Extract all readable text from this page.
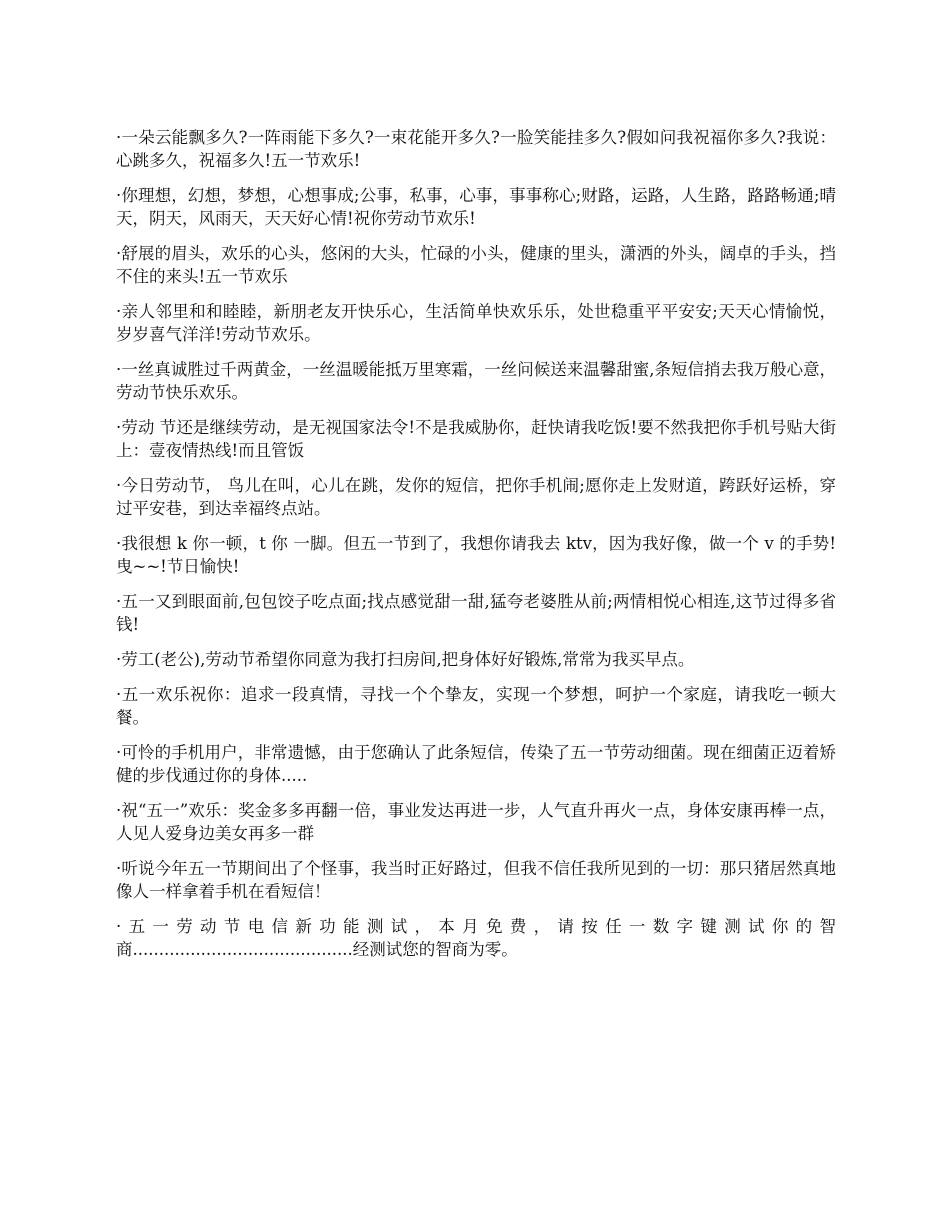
·一朵云能飘多久?一阵雨能下多久?一束花能开多久?一脸笑能挂多久?假如问我祝福你多久?我说：心跳多久，祝福多久!五一节欢乐!

·你理想，幻想，梦想，心想事成;公事，私事，心事，事事称心;财路，运路，人生路，路路畅通;晴天，阴天，风雨天，天天好心情!祝你劳动节欢乐!

·舒展的眉头，欢乐的心头，悠闲的大头，忙碌的小头，健康的里头，潇洒的外头，阔卓的手头，挡不住的来头!五一节欢乐

·亲人邻里和和睦睦，新朋老友开快乐心，生活简单快欢乐乐，处世稳重平平安安;天天心情愉悦，岁岁喜气洋洋!劳动节欢乐。

·一丝真诚胜过千两黄金，一丝温暖能抵万里寒霜，一丝问候送来温馨甜蜜,条短信捎去我万般心意，劳动节快乐欢乐。

·劳动 节还是继续劳动，是无视国家法令!不是我威胁你，赶快请我吃饭!要不然我把你手机号贴大街上：壹夜情热线!而且管饭

·今日劳动节， 鸟儿在叫，心儿在跳，发你的短信，把你手机闹;愿你走上发财道，跨跃好运桥，穿过平安巷，到达幸福终点站。

·我很想 k 你一顿，t 你 一脚。但五一节到了，我想你请我去 ktv，因为我好像，做一个 v 的手势!曳~~!节日愉快!

·五一又到眼面前,包包饺子吃点面;找点感觉甜一甜,猛夸老婆胜从前;两情相悦心相连,这节过得多省钱!

·劳工(老公),劳动节希望你同意为我打扫房间,把身体好好锻炼,常常为我买早点。

·五一欢乐祝你：追求一段真情，寻找一个个挚友，实现一个梦想，呵护一个家庭，请我吃一顿大餐。

·可怜的手机用户，非常遗憾，由于您确认了此条短信，传染了五一节劳动细菌。现在细菌正迈着矫健的步伐通过你的身体.....

·祝“五一”欢乐：奖金多多再翻一倍，事业发达再进一步，人气直升再火一点，身体安康再棒一点，人见人爱身边美女再多一群

·听说今年五一节期间出了个怪事，我当时正好路过，但我不信任我所见到的一切：那只猪居然真地像人一样拿着手机在看短信！

·五一劳动节电信新功能测试，本月免费，请按任一数字键测试你的智商..........................................经测试您的智商为零。
